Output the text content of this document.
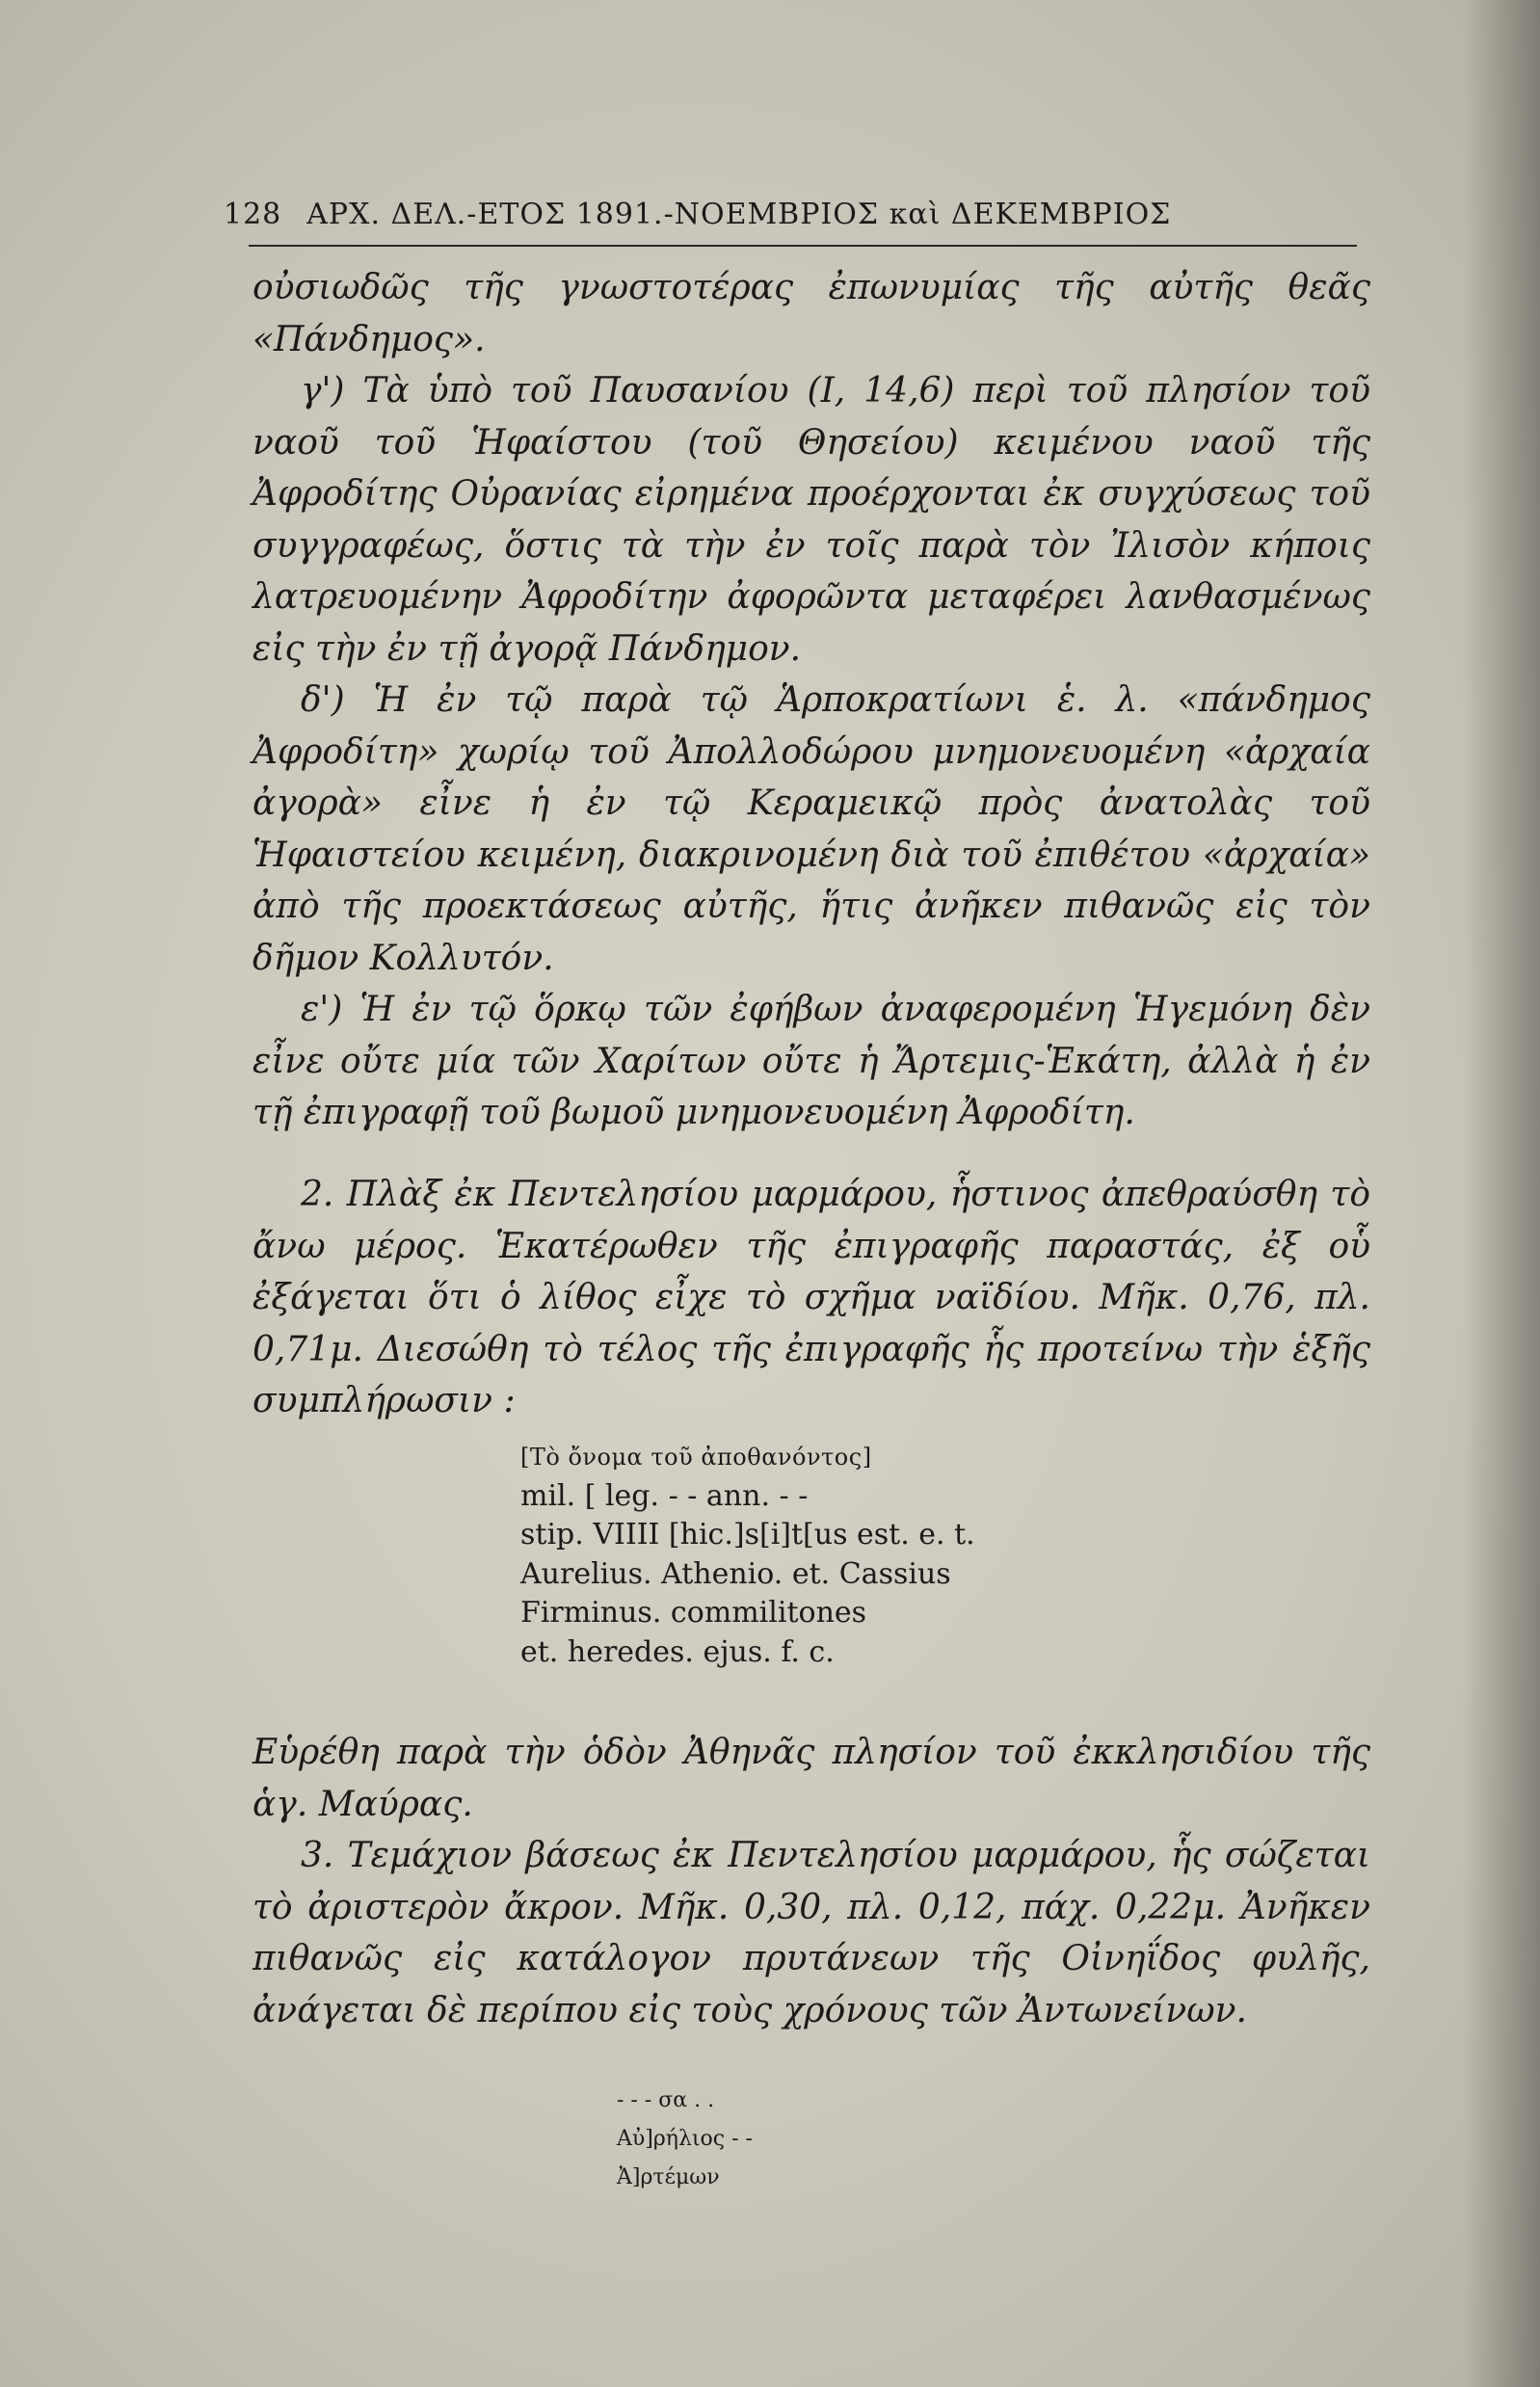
128 ΑΡΧ. ΔΕΛ.-ΕΤΟΣ 1891.-ΝΟΕΜΒΡΙΟΣ καὶ ΔΕΚΕΜΒΡΙΟΣ

οὐσιωδῶς τῆς γνωστοτέρας ἐπωνυμίας τῆς αὐτῆς θεᾶς «Πάνδημος».

γ') Τὰ ὑπὸ τοῦ Παυσανίου (I, 14,6) περὶ τοῦ πλησίον τοῦ ναοῦ τοῦ Ἡφαίστου (τοῦ Θησείου) κειμένου ναοῦ τῆς Ἀφροδίτης Οὐρανίας εἰρημένα προέρχονται ἐκ συγχύσεως τοῦ συγγραφέως, ὅστις τὰ τὴν ἐν τοῖς παρὰ τὸν Ἰλισὸν κήποις λατρευομένην Ἀφροδίτην ἀφορῶντα μεταφέρει λανθασμένως εἰς τὴν ἐν τῇ ἀγορᾷ Πάνδημον.

δ') Ἡ ἐν τῷ παρὰ τῷ Ἁρποκρατίωνι ἑ. λ. «πάνδημος Ἀφροδίτη» χωρίῳ τοῦ Ἀπολλοδώρου μνημονευομένη «ἀρχαία ἀγορὰ» εἶνε ἡ ἐν τῷ Κεραμεικῷ πρὸς ἀνατολὰς τοῦ Ἡφαιστείου κειμένη, διακρινομένη διὰ τοῦ ἐπιθέτου «ἀρχαία» ἀπὸ τῆς προεκτάσεως αὐτῆς, ἥτις ἀνῆκεν πιθανῶς εἰς τὸν δῆμον Κολλυτόν.

ε') Ἡ ἐν τῷ ὅρκῳ τῶν ἐφήβων ἀναφερομένη Ἡγεμόνη δὲν εἶνε οὔτε μία τῶν Χαρίτων οὔτε ἡ Ἄρτεμις-Ἑκάτη, ἀλλὰ ἡ ἐν τῇ ἐπιγραφῇ τοῦ βωμοῦ μνημονευομένη Ἀφροδίτη.

2. Πλὰξ ἐκ Πεντελησίου μαρμάρου, ἧστινος ἀπεθραύσθη τὸ ἄνω μέρος. Ἑκατέρωθεν τῆς ἐπιγραφῆς παραστάς, ἐξ οὗ ἐξάγεται ὅτι ὁ λίθος εἶχε τὸ σχῆμα ναϊδίου. Μῆκ. 0,76, πλ. 0,71μ. Διεσώθη τὸ τέλος τῆς ἐπιγραφῆς ἧς προτείνω τὴν ἑξῆς συμπλήρωσιν :

[Τὸ ὄνομα τοῦ ἀποθανόντος]
mil. [ leg. - - ann. - -
stip. VIIII [hic.]s[i]t[us est. e. t.
Aurelius. Athenio. et. Cassius
Firminus. commilitones
et. heredes. ejus. f. c.

Εὑρέθη παρὰ τὴν ὁδὸν Ἀθηνᾶς πλησίον τοῦ ἐκκλησιδίου τῆς ἁγ. Μαύρας.

3. Τεμάχιον βάσεως ἐκ Πεντελησίου μαρμάρου, ἧς σώζεται τὸ ἀριστερὸν ἄκρον. Μῆκ. 0,30, πλ. 0,12, πάχ. 0,22μ. Ἀνῆκεν πιθανῶς εἰς κατάλογον πρυτάνεων τῆς Οἰνηΐδος φυλῆς, ἀνάγεται δὲ περίπου εἰς τοὺς χρόνους τῶν Ἀντωνείνων.

- - - σα . .
Αὐ]ρήλιος - -
Ἀ]ρτέμων
